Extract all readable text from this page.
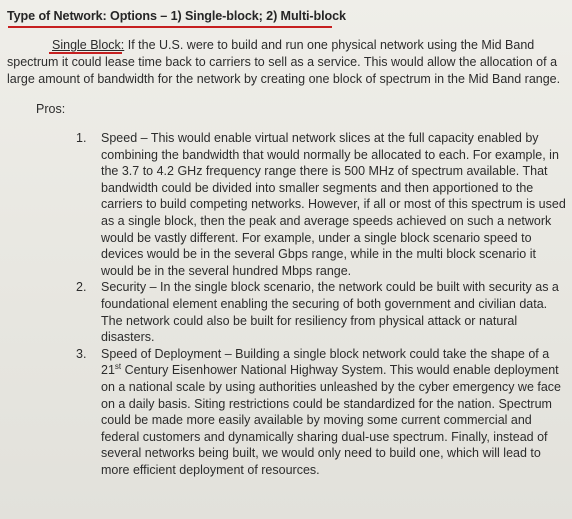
Type of Network: Options – 1) Single-block; 2) Multi-block

Single Block: If the U.S. were to build and run one physical network using the Mid Band spectrum it could lease time back to carriers to sell as a service. This would allow the allocation of a large amount of bandwidth for the network by creating one block of spectrum in the Mid Band range.

Pros:
1. Speed – This would enable virtual network slices at the full capacity enabled by combining the bandwidth that would normally be allocated to each. For example, in the 3.7 to 4.2 GHz frequency range there is 500 MHz of spectrum available. That bandwidth could be divided into smaller segments and then apportioned to the carriers to build competing networks. However, if all or most of this spectrum is used as a single block, then the peak and average speeds achieved on such a network would be vastly different. For example, under a single block scenario speed to devices would be in the several Gbps range, while in the multi block scenario it would be in the several hundred Mbps range.
2. Security – In the single block scenario, the network could be built with security as a foundational element enabling the securing of both government and civilian data. The network could also be built for resiliency from physical attack or natural disasters.
3. Speed of Deployment – Building a single block network could take the shape of a 21st Century Eisenhower National Highway System. This would enable deployment on a national scale by using authorities unleashed by the cyber emergency we face on a daily basis. Siting restrictions could be standardized for the nation. Spectrum could be made more easily available by moving some current commercial and federal customers and dynamically sharing dual-use spectrum. Finally, instead of several networks being built, we would only need to build one, which will lead to more efficient deployment of resources.
